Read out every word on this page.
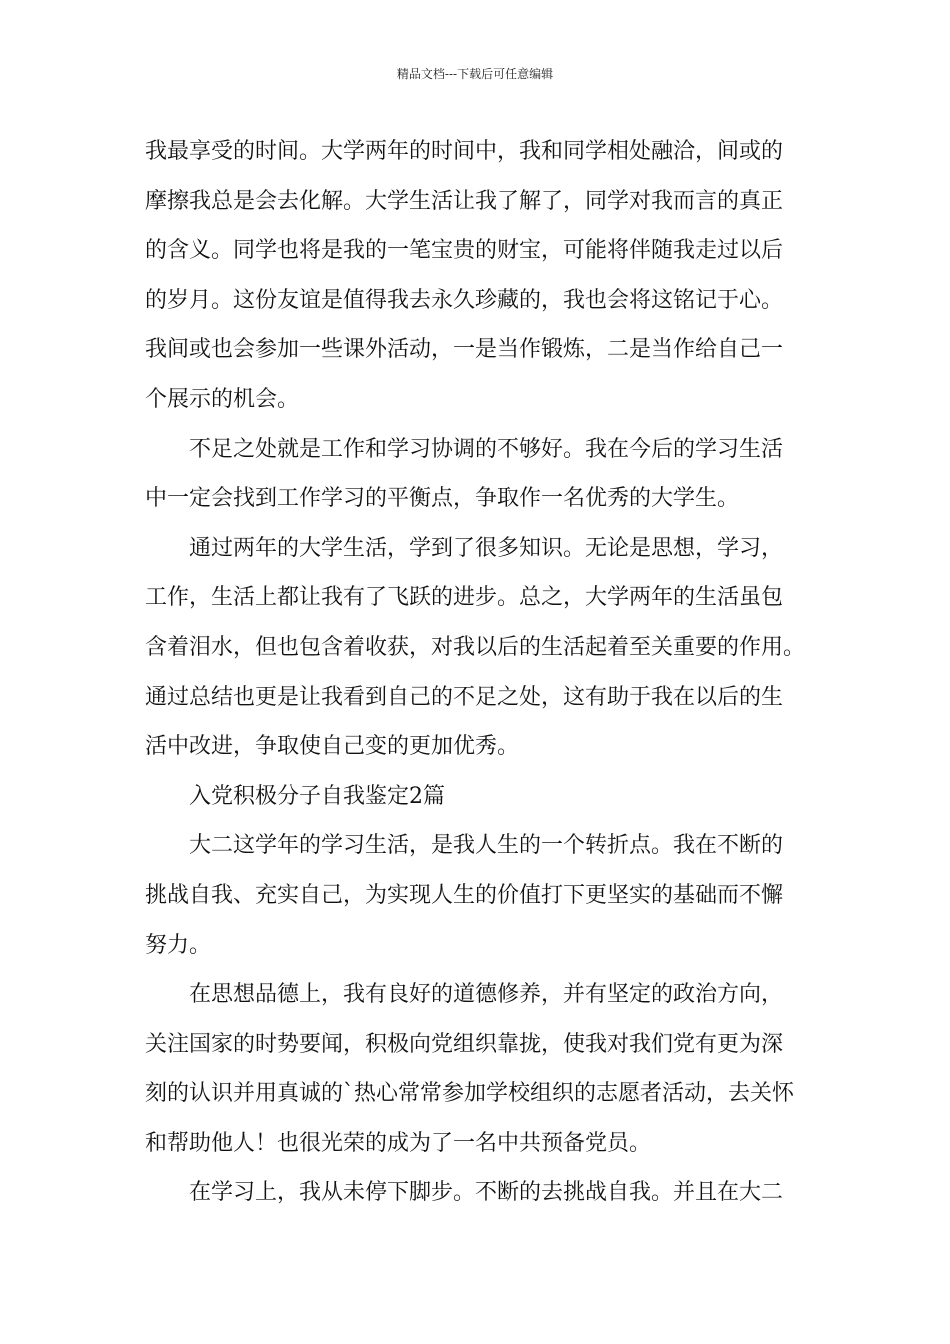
精品文档---下载后可任意编辑
我最享受的时间。大学两年的时间中，我和同学相处融洽，间或的
摩擦我总是会去化解。大学生活让我了解了，同学对我而言的真正
的含义。同学也将是我的一笔宝贵的财宝，可能将伴随我走过以后
的岁月。这份友谊是值得我去永久珍藏的，我也会将这铭记于心。
我间或也会参加一些课外活动，一是当作锻炼，二是当作给自己一
个展示的机会。
不足之处就是工作和学习协调的不够好。我在今后的学习生活
中一定会找到工作学习的平衡点，争取作一名优秀的大学生。
通过两年的大学生活，学到了很多知识。无论是思想，学习，
工作，生活上都让我有了飞跃的进步。总之，大学两年的生活虽包
含着泪水，但也包含着收获，对我以后的生活起着至关重要的作用。
通过总结也更是让我看到自己的不足之处，这有助于我在以后的生
活中改进，争取使自己变的更加优秀。
入党积极分子自我鉴定2篇
大二这学年的学习生活，是我人生的一个转折点。我在不断的
挑战自我、充实自己，为实现人生的价值打下更坚实的基础而不懈
努力。
在思想品德上，我有良好的道德修养，并有坚定的政治方向，
关注国家的时势要闻，积极向党组织靠拢，使我对我们党有更为深
刻的认识并用真诚的`热心常常参加学校组织的志愿者活动，去关怀
和帮助他人！也很光荣的成为了一名中共预备党员。
在学习上，我从未停下脚步。不断的去挑战自我。并且在大二
